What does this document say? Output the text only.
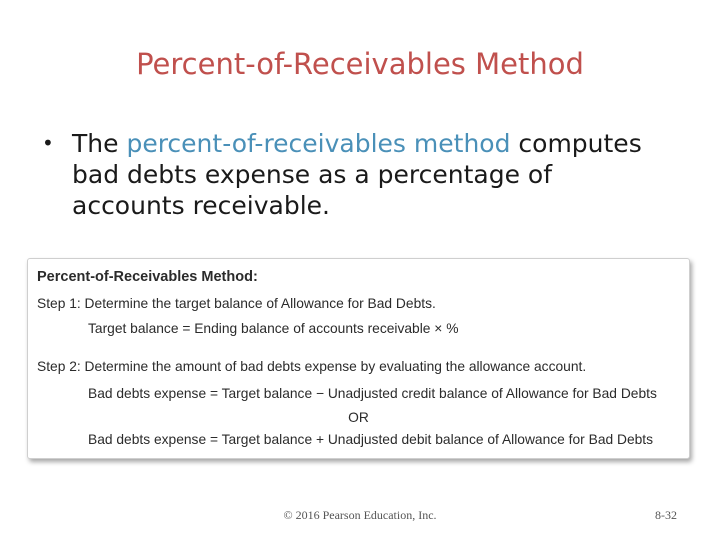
Percent-of-Receivables Method
• The percent-of-receivables method computes bad debts expense as a percentage of accounts receivable.
Percent-of-Receivables Method:
Step 1: Determine the target balance of Allowance for Bad Debts.
Target balance = Ending balance of accounts receivable × %
Step 2: Determine the amount of bad debts expense by evaluating the allowance account.
Bad debts expense = Target balance − Unadjusted credit balance of Allowance for Bad Debts
OR
Bad debts expense = Target balance + Unadjusted debit balance of Allowance for Bad Debts
© 2016 Pearson Education, Inc.	8-32
